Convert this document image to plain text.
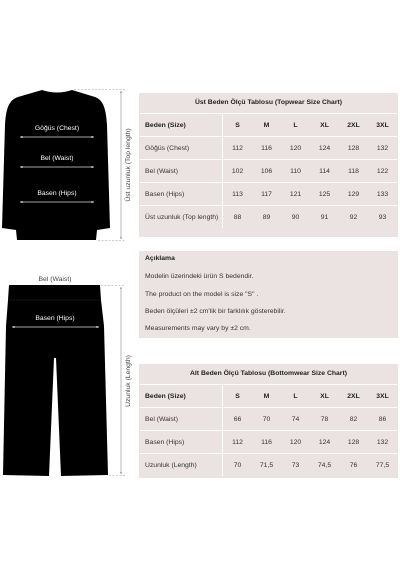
Göğüs (Chest)
Bel (Waist)
Basen (Hips)	Üst uzunluk (Top length)
Bel (Waist)
Basen (Hips)
Uzunluk (Length)
Üst Beden Ölçü Tablosu (Topwear Size Chart)
Beden (Size)	S	M	L	XL	2XL	3XL
Göğüs (Chest)	112	116	120	124	128	132
Bel (Waist)	102	106	110	114	118	122
Basen (Hips)	113	117	121	125	129	133
Üst uzunluk (Top length)	88	89	90	91	92	93
Açıklama
Modelin üzerindeki ürün S bedendir.
The product on the model is size "S" .
Beden ölçüleri ±2 cm'lik bir farklılık gösterebilir.
Measurements may vary by ±2 cm.
Alt Beden Ölçü Tablosu (Bottomwear Size Chart)
Beden (Size)	S	M	L	XL	2XL	3XL
Bel (Waist)	66	70	74	78	82	86
Basen (Hips)	112	116	120	124	128	132
Uzunluk (Length)	70	71,5	73	74,5	76	77,5
